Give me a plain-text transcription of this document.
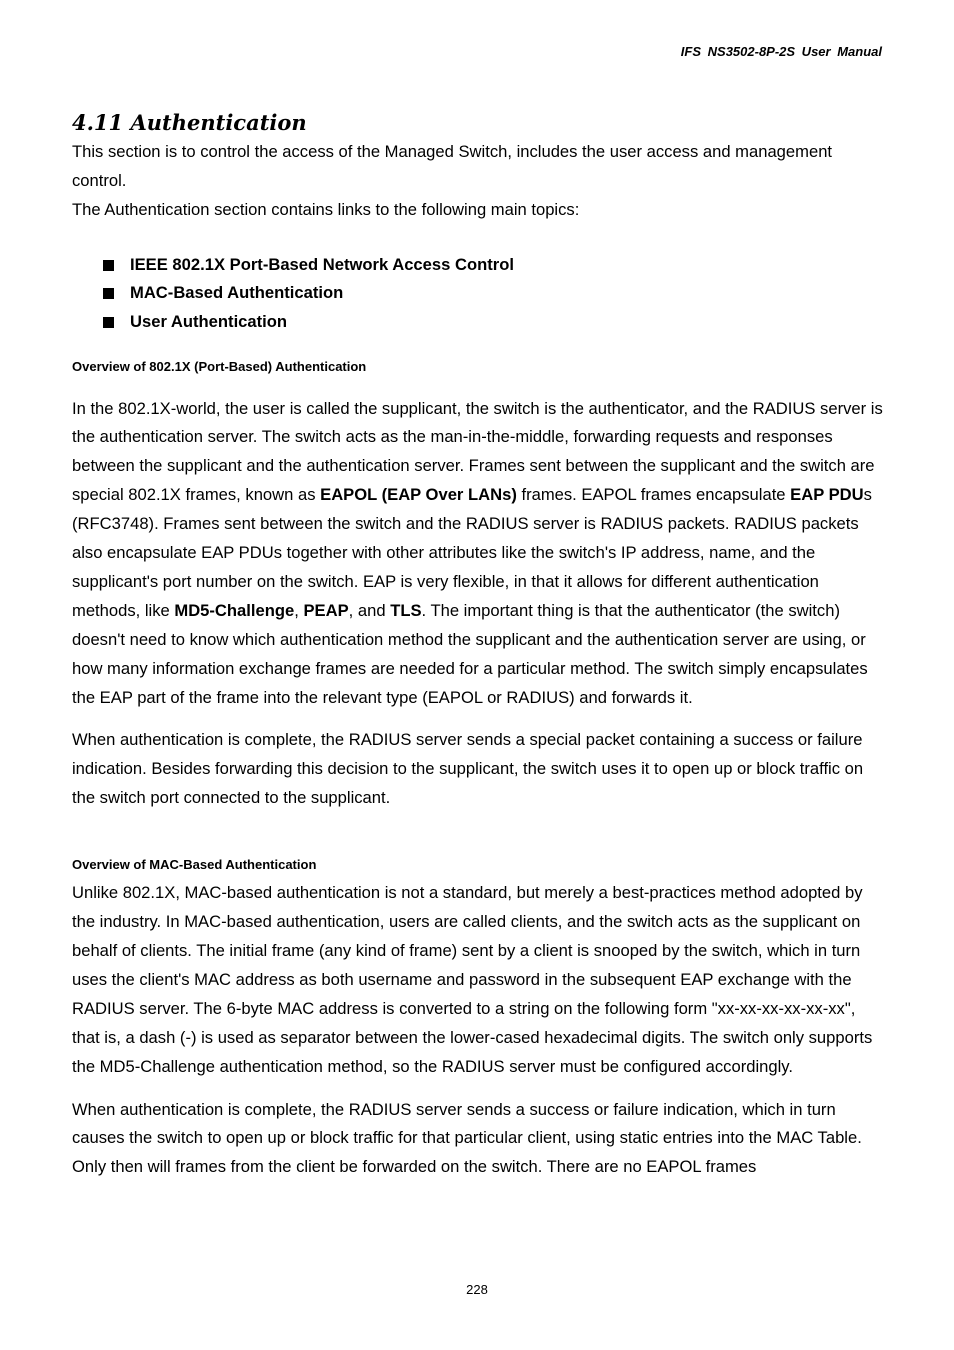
IFS NS3502-8P-2S User Manual
4.11 Authentication

This section is to control the access of the Managed Switch, includes the user access and management control.
The Authentication section contains links to the following main topics:

IEEE 802.1X Port-Based Network Access Control
MAC-Based Authentication
User Authentication
Overview of 802.1X (Port-Based) Authentication

In the 802.1X-world, the user is called the supplicant, the switch is the authenticator, and the RADIUS server is the authentication server. The switch acts as the man-in-the-middle, forwarding requests and responses between the supplicant and the authentication server. Frames sent between the supplicant and the switch are special 802.1X frames, known as EAPOL (EAP Over LANs) frames. EAPOL frames encapsulate EAP PDUs (RFC3748). Frames sent between the switch and the RADIUS server is RADIUS packets. RADIUS packets also encapsulate EAP PDUs together with other attributes like the switch's IP address, name, and the supplicant's port number on the switch. EAP is very flexible, in that it allows for different authentication methods, like MD5-Challenge, PEAP, and TLS. The important thing is that the authenticator (the switch) doesn't need to know which authentication method the supplicant and the authentication server are using, or how many information exchange frames are needed for a particular method. The switch simply encapsulates the EAP part of the frame into the relevant type (EAPOL or RADIUS) and forwards it.

When authentication is complete, the RADIUS server sends a special packet containing a success or failure indication. Besides forwarding this decision to the supplicant, the switch uses it to open up or block traffic on the switch port connected to the supplicant.

Overview of MAC-Based Authentication

Unlike 802.1X, MAC-based authentication is not a standard, but merely a best-practices method adopted by the industry. In MAC-based authentication, users are called clients, and the switch acts as the supplicant on behalf of clients. The initial frame (any kind of frame) sent by a client is snooped by the switch, which in turn uses the client's MAC address as both username and password in the subsequent EAP exchange with the RADIUS server. The 6-byte MAC address is converted to a string on the following form "xx-xx-xx-xx-xx-xx", that is, a dash (-) is used as separator between the lower-cased hexadecimal digits. The switch only supports the MD5-Challenge authentication method, so the RADIUS server must be configured accordingly.

When authentication is complete, the RADIUS server sends a success or failure indication, which in turn causes the switch to open up or block traffic for that particular client, using static entries into the MAC Table. Only then will frames from the client be forwarded on the switch. There are no EAPOL frames

228
